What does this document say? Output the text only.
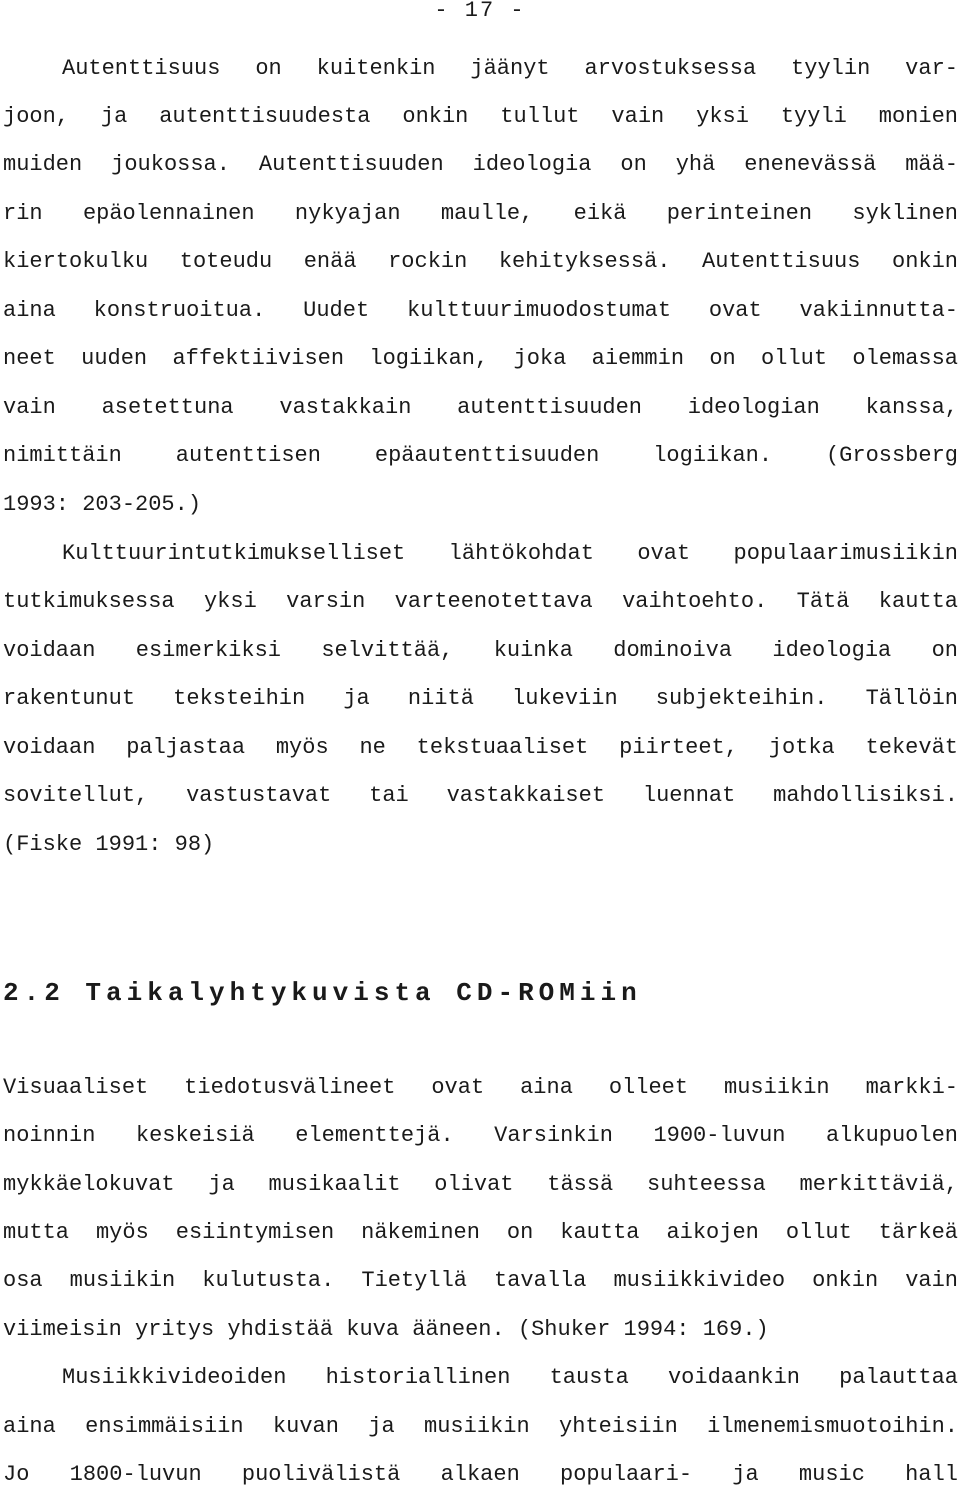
- 17 -
Autenttisuus on kuitenkin jäänyt arvostuksessa tyylin var-
joon, ja autenttisuudesta onkin tullut vain yksi tyyli monien
muiden joukossa. Autenttisuuden ideologia on yhä enenevässä mää-
rin epäolennainen nykyajan maulle, eikä perinteinen syklinen
kiertokulku toteudu enää rockin kehityksessä. Autenttisuus onkin
aina konstruoitua. Uudet kulttuurimuodostumat ovat vakiinnutta-
neet uuden affektiivisen logiikan, joka aiemmin on ollut olemassa
vain asetettuna vastakkain autenttisuuden ideologian kanssa,
nimittäin autenttisen epäautenttisuuden logiikan. (Grossberg
1993: 203-205.)
Kulttuurintutkimukselliset lähtökohdat ovat populaarimusiikin
tutkimuksessa yksi varsin varteenotettava vaihtoehto. Tätä kautta
voidaan esimerkiksi selvittää, kuinka dominoiva ideologia on
rakentunut teksteihin ja niitä lukeviin subjekteihin. Tällöin
voidaan paljastaa myös ne tekstuaaliset piirteet, jotka tekevät
sovitellut, vastustavat tai vastakkaiset luennat mahdollisiksi.
(Fiske 1991: 98)
2.2 Taikalyhtykuvista CD-ROMiin
Visuaaliset tiedotusvälineet ovat aina olleet musiikin markki-
noinnin keskeisiä elementtejä. Varsinkin 1900-luvun alkupuolen
mykkäelokuvat ja musikaalit olivat tässä suhteessa merkittäviä,
mutta myös esiintymisen näkeminen on kautta aikojen ollut tärkeä
osa musiikin kulutusta. Tietyllä tavalla musiikkivideo onkin vain
viimeisin yritys yhdistää kuva ääneen. (Shuker 1994: 169.)
Musiikkivideoiden historiallinen tausta voidaankin palauttaa
aina ensimmäisiin kuvan ja musiikin yhteisiin ilmenemismuotoihin.
Jo 1800-luvun puolivälistä alkaen populaari- ja music hall
